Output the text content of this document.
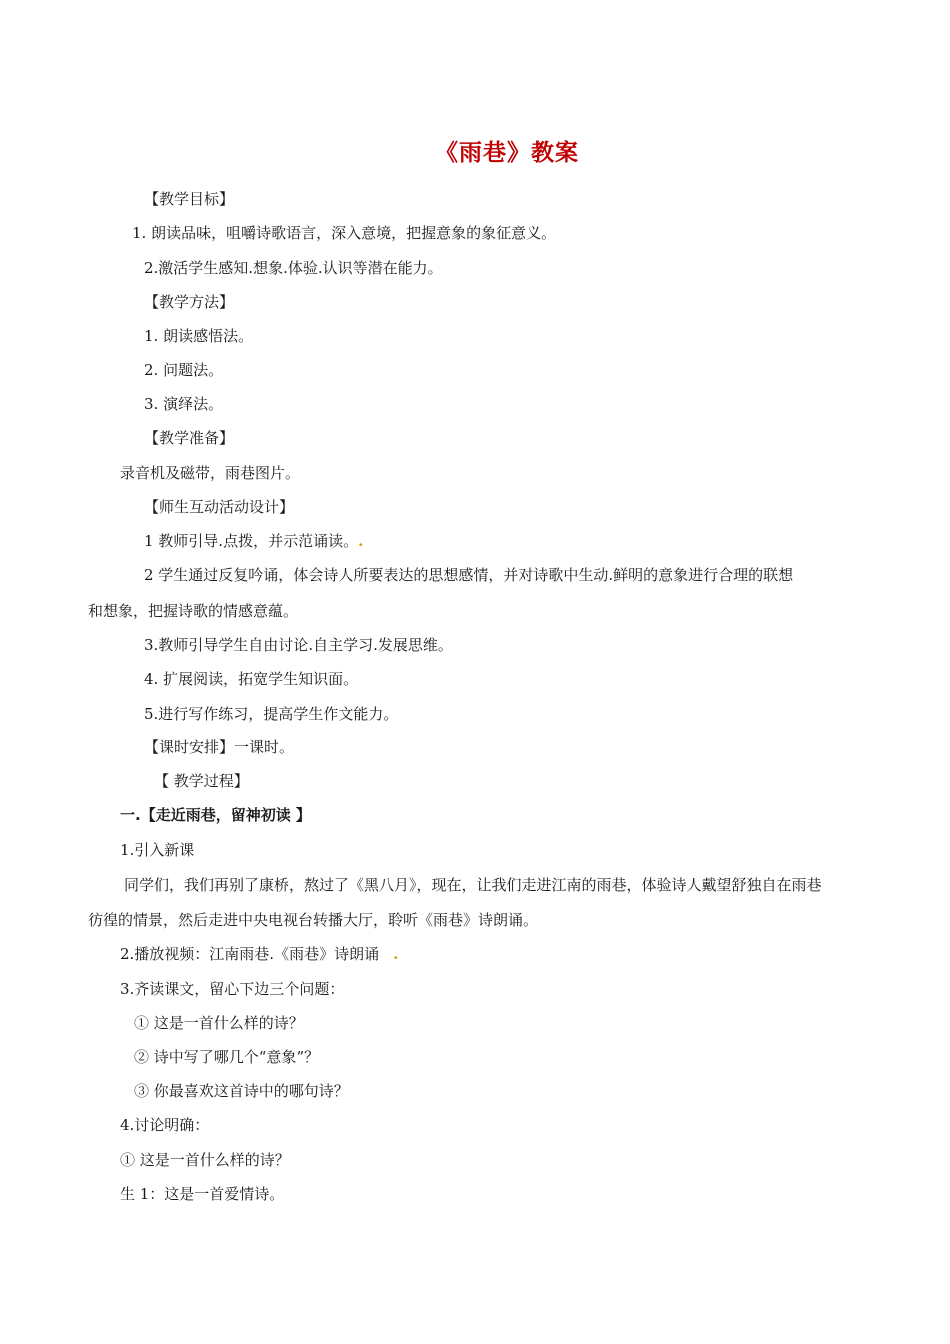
《雨巷》教案
【教学目标】
1. 朗读品味，咀嚼诗歌语言，深入意境，把握意象的象征意义。
2.激活学生感知.想象.体验.认识等潜在能力。
【教学方法】
1. 朗读感悟法。
2. 问题法。
3. 演绎法。
【教学准备】
录音机及磁带，雨巷图片。
【师生互动活动设计】
1 教师引导.点拨，并示范诵读。.
2 学生通过反复吟诵，体会诗人所要表达的思想感情，并对诗歌中生动.鲜明的意象进行合理的联想
和想象，把握诗歌的情感意蕴。
3.教师引导学生自由讨论.自主学习.发展思维。
4. 扩展阅读，拓宽学生知识面。
5.进行写作练习，提高学生作文能力。
【课时安排】一课时。
【 教学过程】
一.【走近雨巷，留神初读 】
1.引入新课
同学们，我们再别了康桥，熬过了《黑八月》，现在，让我们走进江南的雨巷，体验诗人戴望舒独自在雨巷
彷徨的情景，然后走进中央电视台转播大厅，聆听《雨巷》诗朗诵。
2.播放视频：江南雨巷.《雨巷》诗朗诵 .
3.齐读课文，留心下边三个问题：
① 这是一首什么样的诗？
② 诗中写了哪几个“意象”？
③ 你最喜欢这首诗中的哪句诗？
4.讨论明确：
① 这是一首什么样的诗？
生 1：这是一首爱情诗。
